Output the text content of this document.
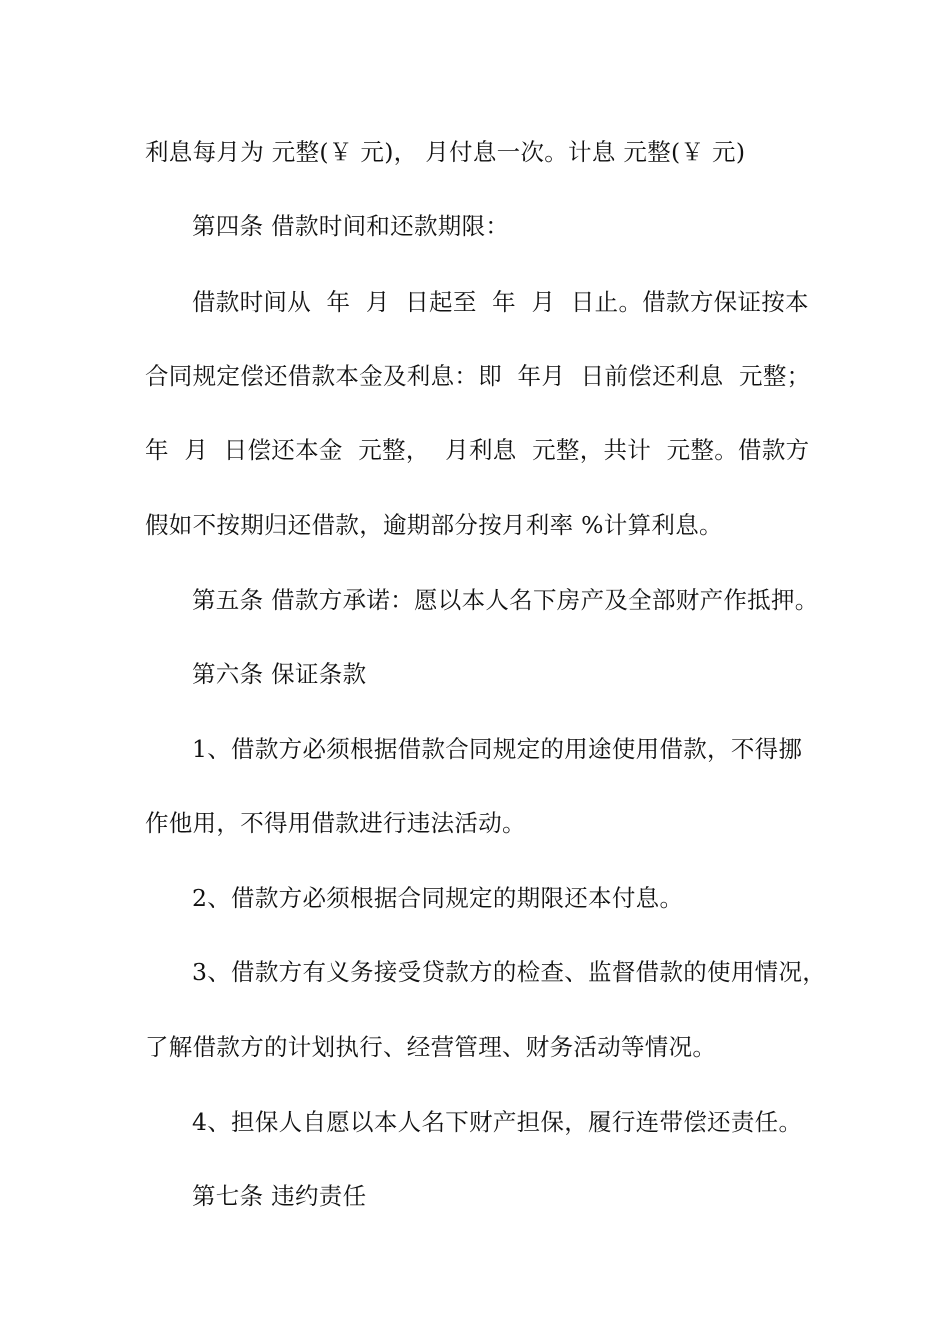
利息每月为 元整(￥ 元)， 月付息一次。计息 元整(￥ 元)
第四条 借款时间和还款期限：
借款时间从  年  月  日起至  年  月  日止。借款方保证按本
合同规定偿还借款本金及利息：即  年月  日前偿还利息  元整；
年  月  日偿还本金  元整，  月利息  元整，共计  元整。借款方
假如不按期归还借款，逾期部分按月利率 %计算利息。
第五条 借款方承诺：愿以本人名下房产及全部财产作抵押。
第六条 保证条款
1、借款方必须根据借款合同规定的用途使用借款，不得挪
作他用，不得用借款进行违法活动。
2、借款方必须根据合同规定的期限还本付息。
3、借款方有义务接受贷款方的检查、监督借款的使用情况，
了解借款方的计划执行、经营管理、财务活动等情况。
4、担保人自愿以本人名下财产担保，履行连带偿还责任。
第七条 违约责任
